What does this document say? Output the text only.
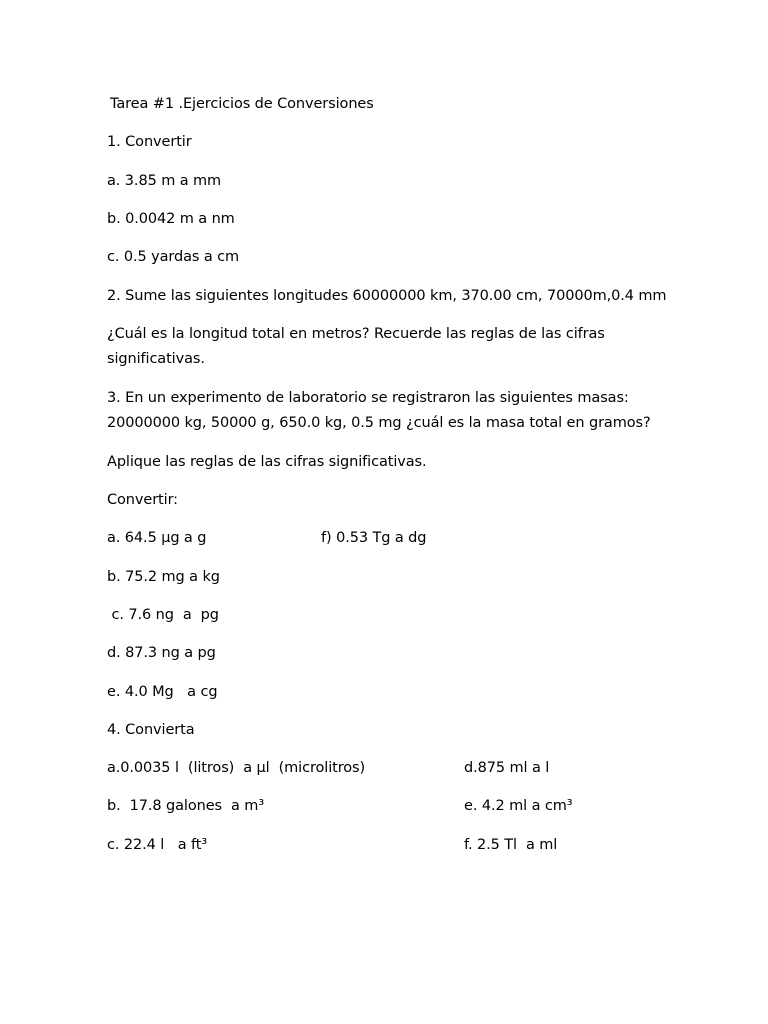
Tarea #1 .Ejercicios de Conversiones
1. Convertir
a. 3.85 m a mm
b. 0.0042 m a nm
c. 0.5 yardas a cm
2. Sume las siguientes longitudes 60000000 km, 370.00 cm, 70000m,0.4 mm
¿Cuál es la longitud total en metros? Recuerde las reglas de las cifras
significativas.
3. En un experimento de laboratorio se registraron las siguientes masas:
20000000 kg, 50000 g, 650.0 kg, 0.5 mg ¿cuál es la masa total en gramos?
Aplique las reglas de las cifras significativas.
Convertir:
a. 64.5 µg a g	f) 0.53 Tg a dg
b. 75.2 mg a kg
c. 7.6 ng  a  pg
d. 87.3 ng a pg
e. 4.0 Mg   a cg
4. Convierta
a.0.0035 l  (litros)  a µl  (microlitros)	d.875 ml a l
b.  17.8 galones  a m³	e. 4.2 ml a cm³
c. 22.4 l   a ft³	f. 2.5 Tl  a ml
